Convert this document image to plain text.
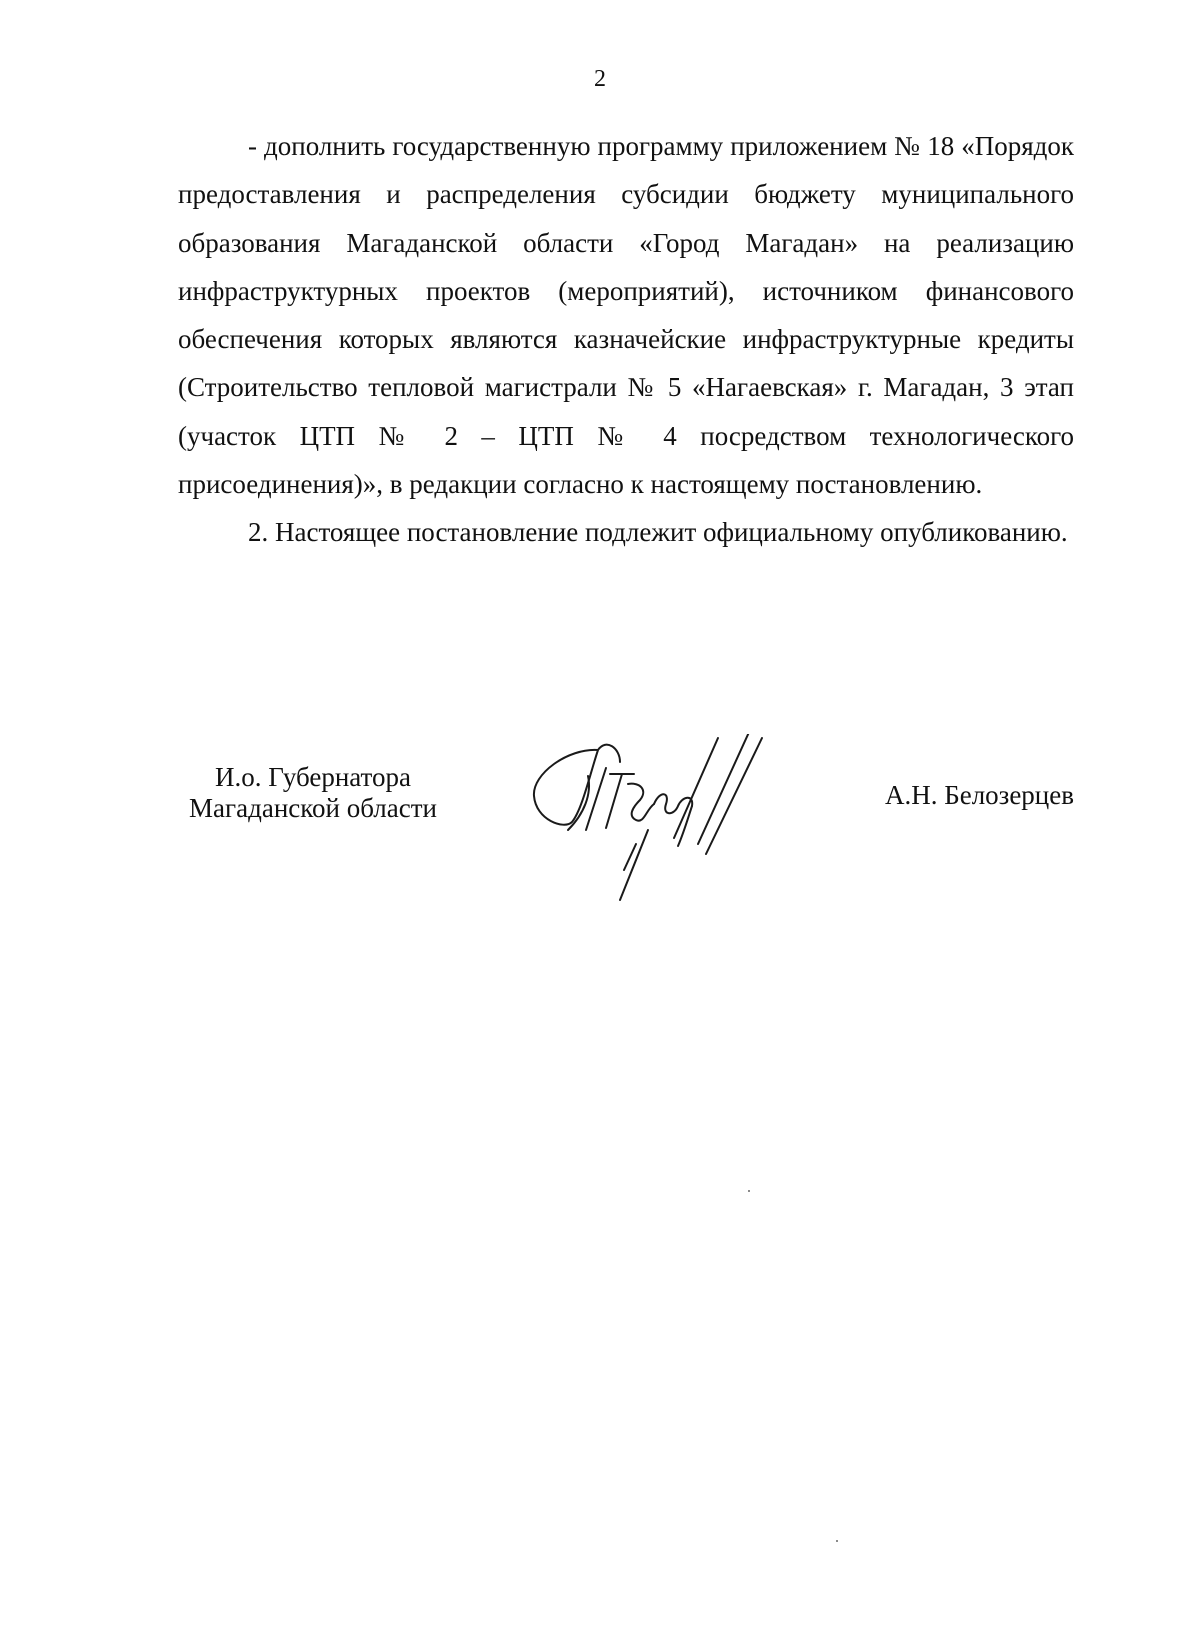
2

- дополнить государственную программу приложением № 18 «Порядок предоставления и распределения субсидии бюджету муниципального образования Магаданской области «Город Магадан» на реализацию инфраструктурных проектов (мероприятий), источником финансового обеспечения которых являются казначейские инфраструктурные кредиты (Строительство тепловой магистрали № 5 «Нагаевская» г. Магадан, 3 этап (участок ЦТП № 2 – ЦТП № 4 посредством технологического присоединения)», в редакции согласно к настоящему постановлению.

2. Настоящее постановление подлежит официальному опубликованию.

И.о. Губернатора
Магаданской области	А.Н. Белозерцев
